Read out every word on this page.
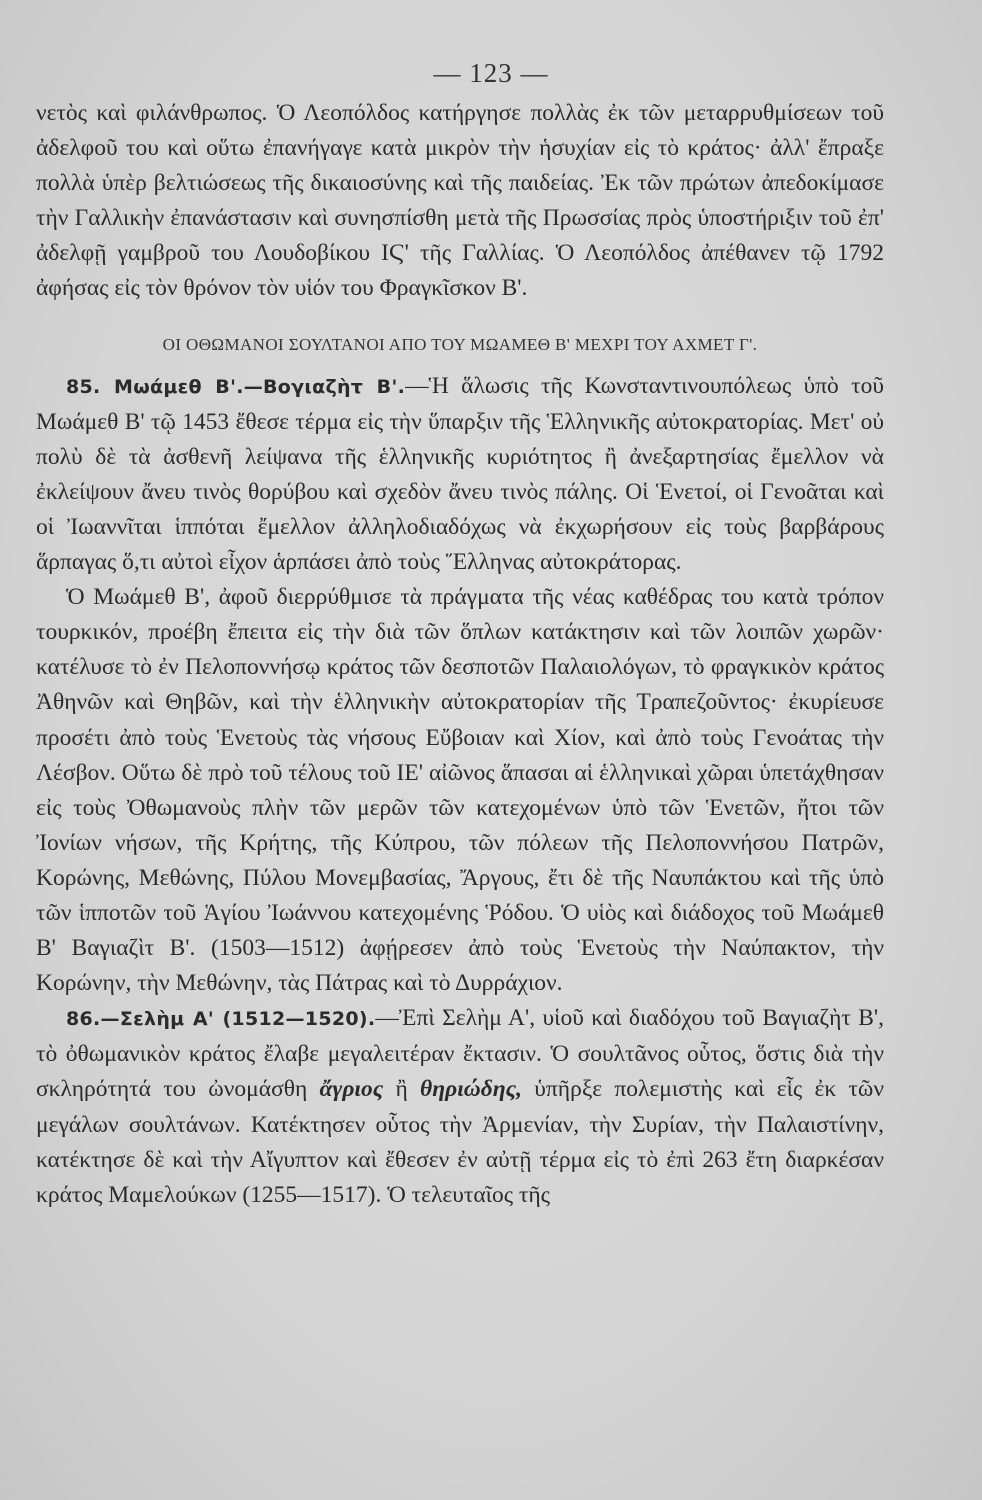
— 123 —

νετὸς καὶ φιλάνθρωπος. Ὁ Λεοπόλδος κατήργησε πολλὰς ἐκ τῶν μεταρρυθμίσεων τοῦ ἀδελφοῦ του καὶ οὕτω ἐπανήγαγε κατὰ μικρὸν τὴν ἡσυχίαν εἰς τὸ κράτος· ἀλλ' ἔπραξε πολλὰ ὑπὲρ βελτιώσεως τῆς δικαιοσύνης καὶ τῆς παιδείας. Ἐκ τῶν πρώτων ἀπεδοκίμασε τὴν Γαλλικὴν ἐπανάστασιν καὶ συνησπίσθη μετὰ τῆς Πρωσσίας πρὸς ὑποστήριξιν τοῦ ἐπ' ἀδελφῇ γαμβροῦ του Λουδοβίκου ΙϚ' τῆς Γαλλίας. Ὁ Λεοπόλδος ἀπέθανεν τῷ 1792 ἀφήσας εἰς τὸν θρόνον τὸν υἱόν του Φραγκῖσκον Β'.

ΟΙ ΟΘΩΜΑΝΟΙ ΣΟΥΛΤΑΝΟΙ ΑΠΟ ΤΟΥ ΜΩΑΜΕΘ Β' ΜΕΧΡΙ ΤΟΥ ΑΧΜΕΤ Γ'.

85. Μωάμεθ Β'.—Βογιαζὴτ Β'.—Ἡ ἅλωσις τῆς Κωνσταντινουπόλεως ὑπὸ τοῦ Μωάμεθ Β' τῷ 1453 ἔθεσε τέρμα εἰς τὴν ὕπαρξιν τῆς Ἑλληνικῆς αὐτοκρατορίας. Μετ' οὐ πολὺ δὲ τὰ ἀσθενῆ λείψανα τῆς ἑλληνικῆς κυριότητος ἢ ἀνεξαρτησίας ἔμελλον νὰ ἐκλείψουν ἄνευ τινὸς θορύβου καὶ σχεδὸν ἄνευ τινὸς πάλης. Οἱ Ἑνετοί, οἱ Γενοᾶται καὶ οἱ Ἰωαννῖται ἱππόται ἔμελλον ἀλληλοδιαδόχως νὰ ἐκχωρήσουν εἰς τοὺς βαρβάρους ἅρπαγας ὅ,τι αὐτοὶ εἶχον ἁρπάσει ἀπὸ τοὺς Ἕλληνας αὐτοκράτορας.

Ὁ Μωάμεθ Β', ἀφοῦ διερρύθμισε τὰ πράγματα τῆς νέας καθέδρας του κατὰ τρόπον τουρκικόν, προέβη ἔπειτα εἰς τὴν διὰ τῶν ὅπλων κατάκτησιν καὶ τῶν λοιπῶν χωρῶν· κατέλυσε τὸ ἐν Πελοποννήσῳ κράτος τῶν δεσποτῶν Παλαιολόγων, τὸ φραγκικὸν κράτος Ἀθηνῶν καὶ Θηβῶν, καὶ τὴν ἑλληνικὴν αὐτοκρατορίαν τῆς Τραπεζοῦντος· ἐκυρίευσε προσέτι ἀπὸ τοὺς Ἑνετοὺς τὰς νήσους Εὔβοιαν καὶ Χίον, καὶ ἀπὸ τοὺς Γενοάτας τὴν Λέσβον. Οὕτω δὲ πρὸ τοῦ τέλους τοῦ ΙΕ' αἰῶνος ἅπασαι αἱ ἑλληνικαὶ χῶραι ὑπετάχθησαν εἰς τοὺς Ὀθωμανοὺς πλὴν τῶν μερῶν τῶν κατεχομένων ὑπὸ τῶν Ἑνετῶν, ἤτοι τῶν Ἰονίων νήσων, τῆς Κρήτης, τῆς Κύπρου, τῶν πόλεων τῆς Πελοποννήσου Πατρῶν, Κορώνης, Μεθώνης, Πύλου Μονεμβασίας, Ἄργους, ἔτι δὲ τῆς Ναυπάκτου καὶ τῆς ὑπὸ τῶν ἱπποτῶν τοῦ Ἁγίου Ἰωάννου κατεχομένης Ῥόδου. Ὁ υἱὸς καὶ διάδοχος τοῦ Μωάμεθ Β' Βαγιαζὶτ Β'. (1503—1512) ἀφῄρεσεν ἀπὸ τοὺς Ἑνετοὺς τὴν Ναύπακτον, τὴν Κορώνην, τὴν Μεθώνην, τὰς Πάτρας καὶ τὸ Δυρράχιον.

86.—Σελὴμ Α' (1512—1520).—Ἐπὶ Σελὴμ Α', υἱοῦ καὶ διαδόχου τοῦ Βαγιαζὴτ Β', τὸ ὀθωμανικὸν κράτος ἔλαβε μεγαλειτέραν ἔκτασιν. Ὁ σουλτᾶνος οὗτος, ὅστις διὰ τὴν σκληρότητά του ὠνομάσθη ἄγριος ἢ θηριώδης, ὑπῆρξε πολεμιστὴς καὶ εἷς ἐκ τῶν μεγάλων σουλτάνων. Κατέκτησεν οὗτος τὴν Ἀρμενίαν, τὴν Συρίαν, τὴν Παλαιστίνην, κατέκτησε δὲ καὶ τὴν Αἴγυπτον καὶ ἔθεσεν ἐν αὐτῇ τέρμα εἰς τὸ ἐπὶ 263 ἔτη διαρκέσαν κράτος Μαμελούκων (1255—1517). Ὁ τελευταῖος τῆς
